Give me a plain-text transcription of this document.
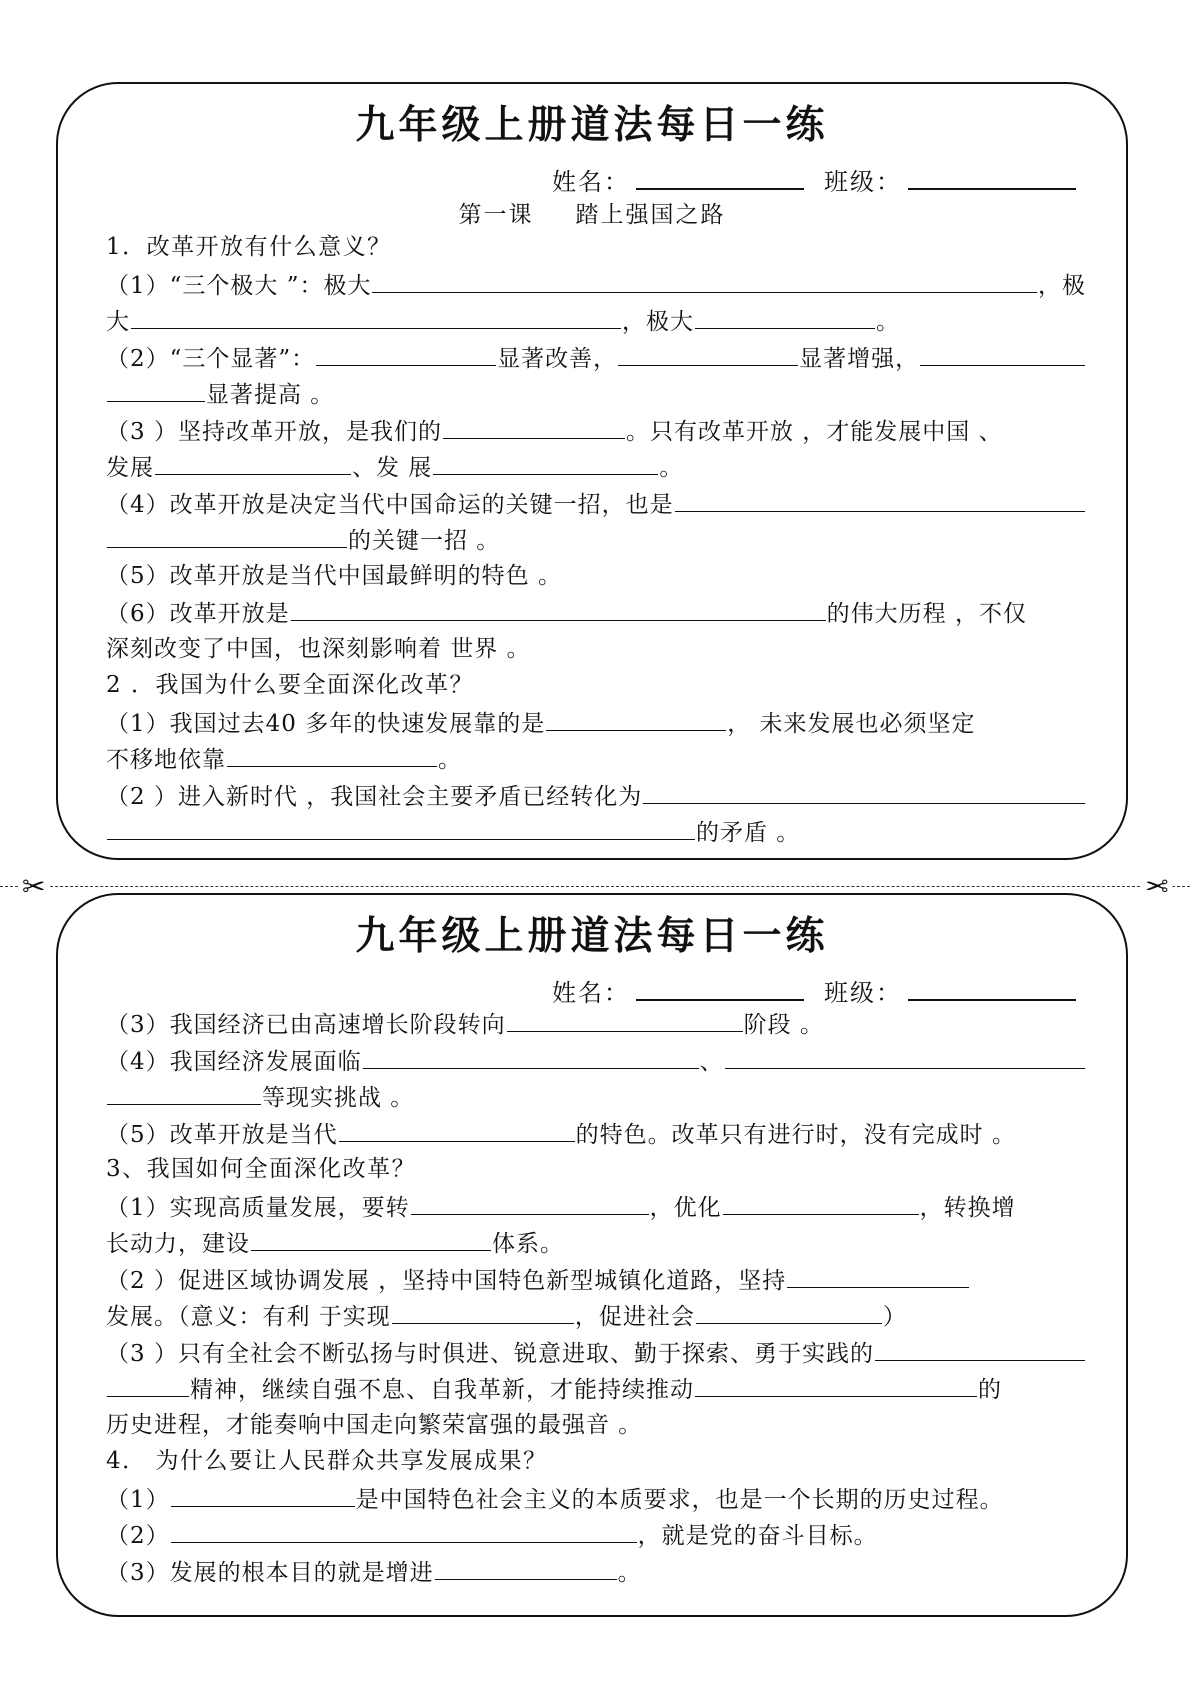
九年级上册道法每日一练
姓名：	班级：
第一课 踏上强国之路
1．改革开放有什么意义？
（1）“三个极大 ”：极大	，极
大	，极大	。
（2）“三个显著”：	显著改善，	显著增强，
显著提高 。
（3 ）坚持改革开放，是我们的	。只有改革开放 ，才能发展中国 、
发展	、发 展	。
（4）改革开放是决定当代中国命运的关键一招，也是
的关键一招 。
（5）改革开放是当代中国最鲜明的特色 。
（6）改革开放是	的伟大历程 ，不仅
深刻改变了中国，也深刻影响着 世界 。
2 ．我国为什么要全面深化改革？
（1）我国过去40 多年的快速发展靠的是	， 未来发展也必须坚定
不移地依靠	。
（2 ）进入新时代 ，我国社会主要矛盾已经转化为
的矛盾 。
✂	✂
九年级上册道法每日一练
姓名：	班级：
（3）我国经济已由高速增长阶段转向	阶段 。
（4）我国经济发展面临	、
等现实挑战 。
（5）改革开放是当代	的特色。改革只有进行时，没有完成时 。
3、我国如何全面深化改革？
（1）实现高质量发展，要转	，优化	，转换增
长动力，建设	体系。
（2 ）促进区域协调发展 ，坚持中国特色新型城镇化道路，坚持
发展。（意义：有利 于实现	，促进社会	）
（3 ）只有全社会不断弘扬与时俱进、锐意进取、勤于探索、勇于实践的
精神，继续自强不息、自我革新，才能持续推动	的
历史进程，才能奏响中国走向繁荣富强的最强音 。
4． 为什么要让人民群众共享发展成果？
（1）	是中国特色社会主义的本质要求，也是一个长期的历史过程。
（2）	，就是党的奋斗目标。
（3）发展的根本目的就是增进	。
